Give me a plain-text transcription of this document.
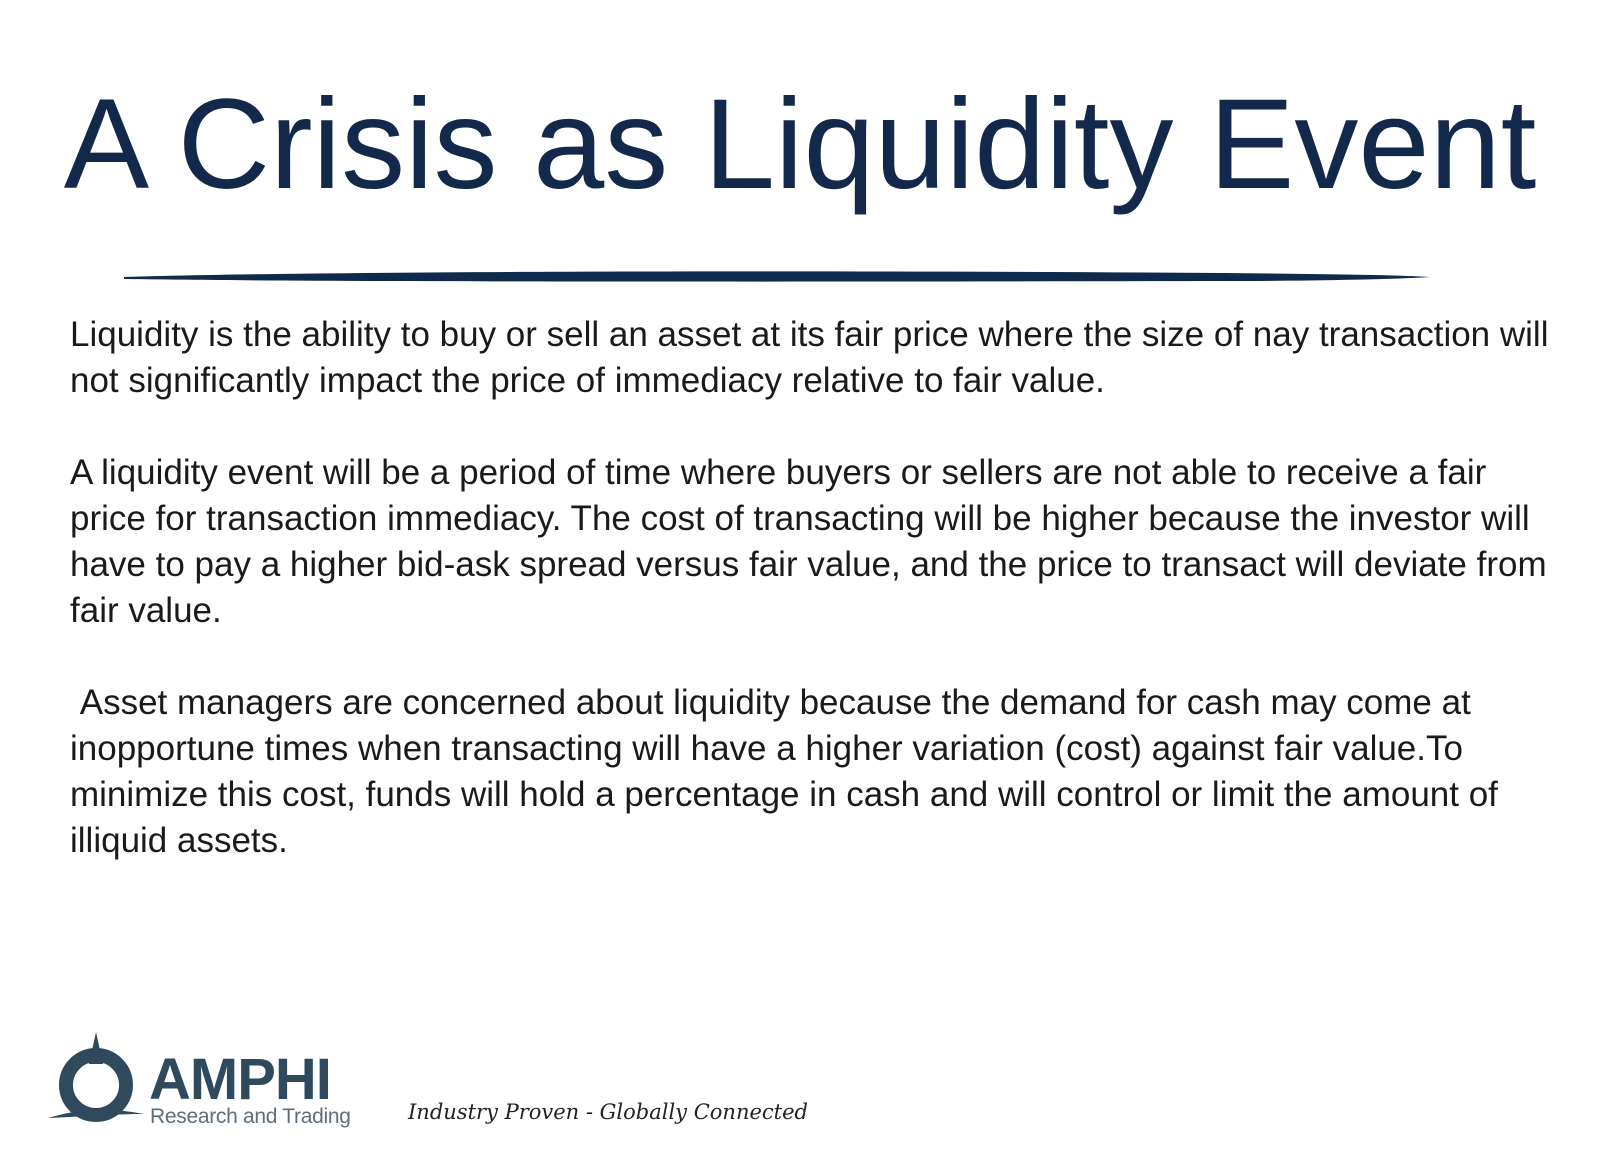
A Crisis as Liquidity Event

Liquidity is the ability to buy or sell an asset at its fair price where the size of nay transaction will not significantly impact the price of immediacy relative to fair value.

A liquidity event will be a period of time where buyers or sellers are not able to receive a fair price for transaction immediacy. The cost of transacting will be higher because the investor will have to pay a higher bid-ask spread versus fair value, and the price to transact will deviate from fair value.

Asset managers are concerned about liquidity because the demand for cash may come at inopportune times when transacting will have a higher variation (cost) against fair value.To minimize this cost, funds will hold a percentage in cash and will control or limit the amount of illiquid assets.

AMPHI
Research and Trading	Industry Proven - Globally Connected
